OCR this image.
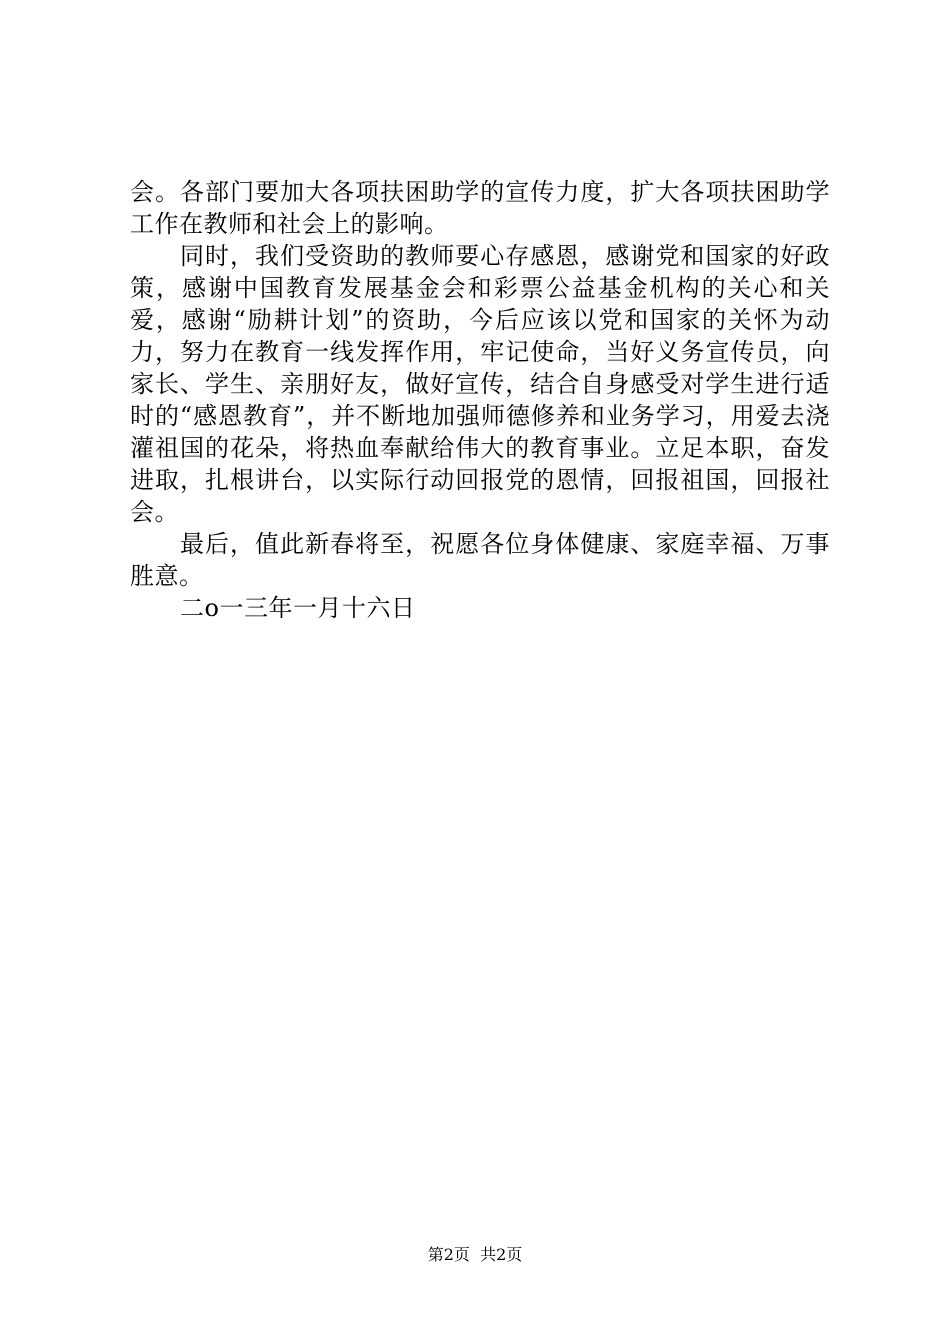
会。各部门要加大各项扶困助学的宣传力度，扩大各项扶困助学工作在教师和社会上的影响。

同时，我们受资助的教师要心存感恩，感谢党和国家的好政策，感谢中国教育发展基金会和彩票公益基金机构的关心和关爱，感谢“励耕计划”的资助，今后应该以党和国家的关怀为动力，努力在教育一线发挥作用，牢记使命，当好义务宣传员，向家长、学生、亲朋好友，做好宣传，结合自身感受对学生进行适时的“感恩教育”，并不断地加强师德修养和业务学习，用爱去浇灌祖国的花朵，将热血奉献给伟大的教育事业。立足本职，奋发进取，扎根讲台，以实际行动回报党的恩情，回报祖国，回报社会。

最后，值此新春将至，祝愿各位身体健康、家庭幸福、万事胜意。

二o一三年一月十六日

第2页  共2页
